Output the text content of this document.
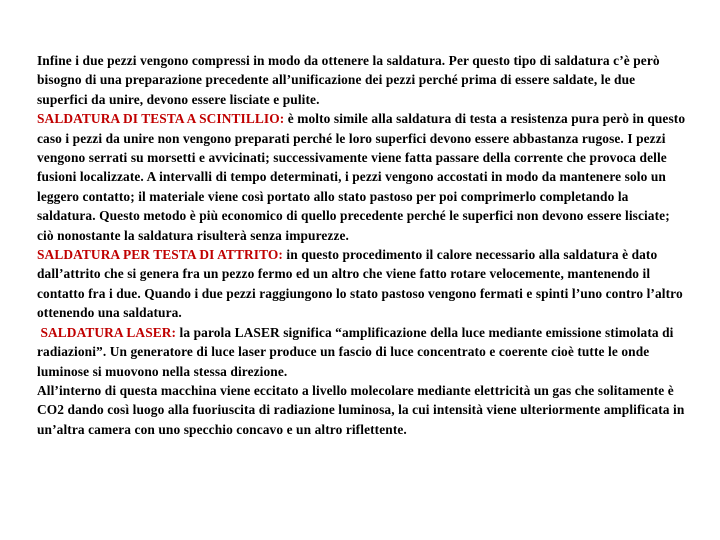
Infine i due pezzi vengono compressi in modo da ottenere la saldatura. Per questo tipo di saldatura c’è però bisogno di una preparazione precedente all’unificazione dei pezzi perché prima di essere saldate, le due superfici da unire, devono essere lisciate e pulite.

SALDATURA DI TESTA A SCINTILLIO: è molto simile alla saldatura di testa a resistenza pura però in questo caso i pezzi da unire non vengono preparati perché le loro superfici devono essere abbastanza rugose. I pezzi vengono serrati su morsetti e avvicinati; successivamente viene fatta passare della corrente che provoca delle fusioni localizzate. A intervalli di tempo determinati, i pezzi vengono accostati in modo da mantenere solo un leggero contatto; il materiale viene così portato allo stato pastoso per poi comprimerlo completando la saldatura. Questo metodo è più economico di quello precedente perché le superfici non devono essere lisciate; ciò nonostante la saldatura risulterà senza impurezze.

SALDATURA PER TESTA DI ATTRITO: in questo procedimento il calore necessario alla saldatura è dato dall’attrito che si genera fra un pezzo fermo ed un altro che viene fatto rotare velocemente, mantenendo il contatto fra i due. Quando i due pezzi raggiungono lo stato pastoso vengono fermati e spinti l’uno contro l’altro ottenendo una saldatura.

SALDATURA LASER: la parola LASER significa “amplificazione della luce mediante emissione stimolata di radiazioni”. Un generatore di luce laser produce un fascio di luce concentrato e coerente cioè tutte le onde luminose si muovono nella stessa direzione.

All’interno di questa macchina viene eccitato a livello molecolare mediante elettricità un gas che solitamente è CO2 dando così luogo alla fuoriuscita di radiazione luminosa, la cui intensità viene ulteriormente amplificata in un’altra camera con uno specchio concavo e un altro riflettente.
